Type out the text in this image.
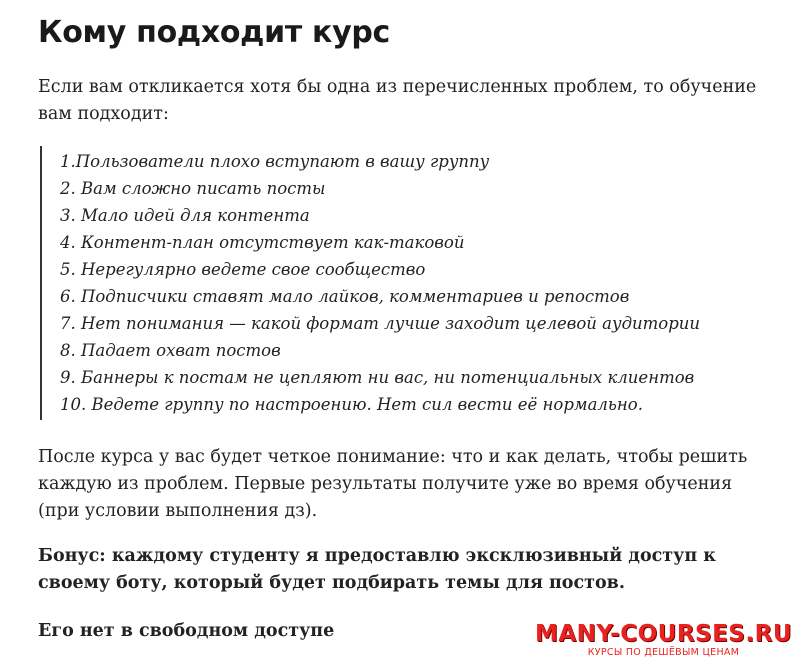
Кому подходит курс

Если вам откликается хотя бы одна из перечисленных проблем, то обучение вам подходит:

1.Пользователи плохо вступают в вашу группу
2. Вам сложно писать посты
3. Мало идей для контента
4. Контент-план отсутствует как-таковой
5. Нерегулярно ведете свое сообщество
6. Подписчики ставят мало лайков, комментариев и репостов
7. Нет понимания — какой формат лучше заходит целевой аудитории
8. Падает охват постов
9. Баннеры к постам не цепляют ни вас, ни потенциальных клиентов
10. Ведете группу по настроению. Нет сил вести её нормально.

После курса у вас будет четкое понимание: что и как делать, чтобы решить каждую из проблем. Первые результаты получите уже во время обучения (при условии выполнения дз).

Бонус: каждому студенту я предоставлю эксклюзивный доступ к своему боту, который будет подбирать темы для постов.

Его нет в свободном доступе	MANY-COURSES.RU
КУРСЫ ПО ДЕШЁВЫМ ЦЕНАМ
